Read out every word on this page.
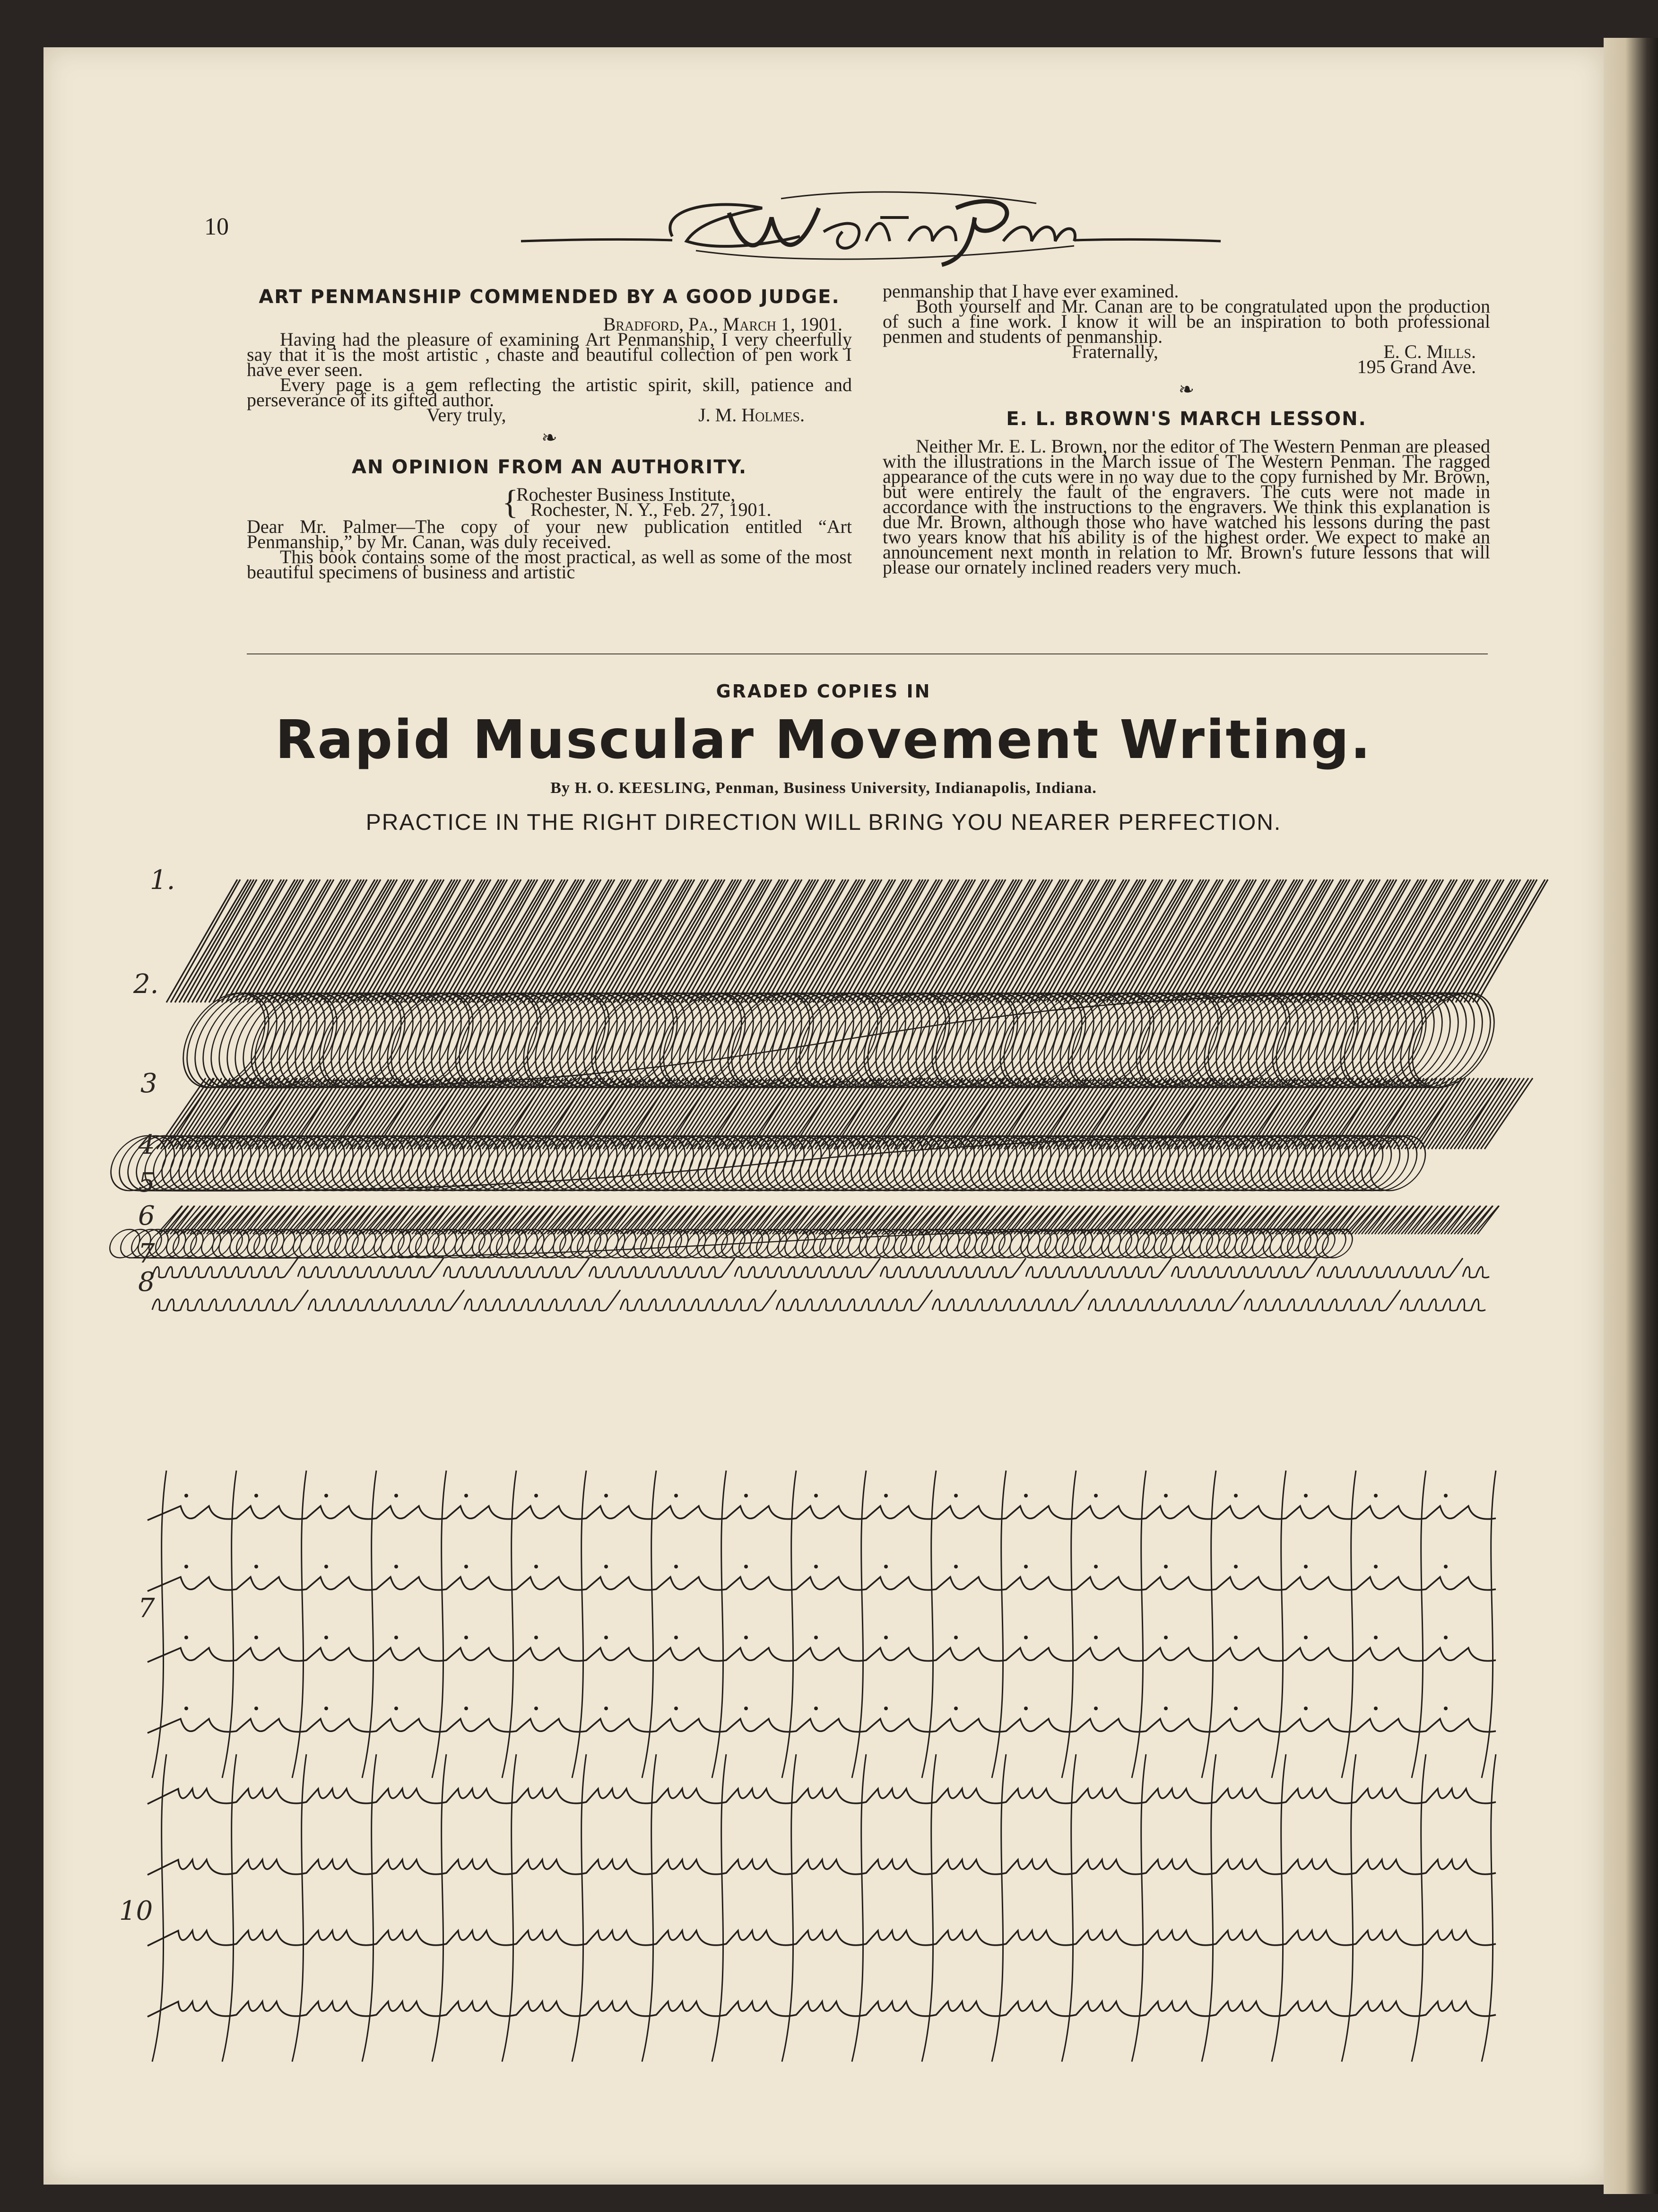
10
ART PENMANSHIP COMMENDED BY A GOOD JUDGE.

Bradford, Pa., March 1, 1901.

Having had the pleasure of examining Art Penmanship, I very cheerfully say that it is the most artistic , chaste and beautiful collection of pen work I have ever seen.

Every page is a gem reflecting the artistic spirit, skill, patience and perseverance of its gifted author.

Very truly,	J. M. Holmes.

❧
AN OPINION FROM AN AUTHORITY.
{
Rochester Business Institute,
Rochester, N. Y., Feb. 27, 1901.

Dear Mr. Palmer—The copy of your new publication entitled “Art Penmanship,” by Mr. Canan, was duly received.

This book contains some of the most practical, as well as some of the most beautiful specimens of business and artistic

penmanship that I have ever examined.

Both yourself and Mr. Canan are to be congratulated upon the production of such a fine work. I know it will be an inspiration to both professional penmen and students of penmanship.

Fraternally,	E. C. Mills.

195 Grand Ave.

❧
E. L. BROWN'S MARCH LESSON.

Neither Mr. E. L. Brown, nor the editor of The Western Penman are pleased with the illustrations in the March issue of The Western Penman. The ragged appearance of the cuts were in no way due to the copy furnished by Mr. Brown, but were entirely the fault of the engravers. The cuts were not made in accordance with the instructions to the engravers. We think this explanation is due Mr. Brown, although those who have watched his lessons during the past two years know that his ability is of the highest order. We expect to make an announcement next month in relation to Mr. Brown's future lessons that will please our ornately inclined readers very much.

GRADED COPIES IN
Rapid Muscular Movement Writing.
By H. O. KEESLING, Penman, Business University, Indianapolis, Indiana.
PRACTICE IN THE RIGHT DIRECTION WILL BRING YOU NEARER PERFECTION.
1.
2.
3
4
5
6
7
8
7
10
